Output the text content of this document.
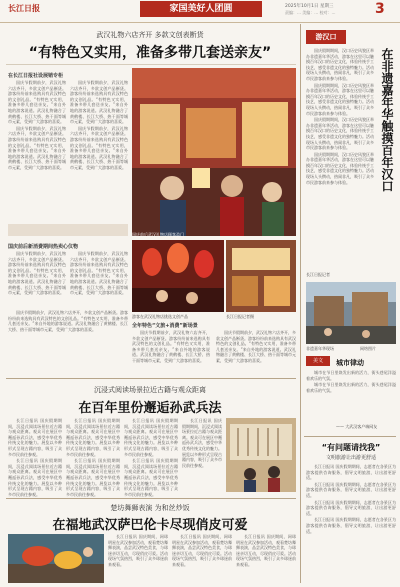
长江日报	家国美好人团圆	2025年10月1日 星期三
责编：… 美编：… 校对：…	3
武汉礼物六店齐开 多款文创表断货
“有特色又实用，准备多带几套送亲友”
在长江日报社设展销专柜

国庆节假期前夕，武汉礼物六店齐开，多款文创产品断货。游客纷纷前来选购具有武汉特色的文创礼品。“有特色又实用，准备多带几套送亲友。”来自外地的游客说道。武汉礼物融合了黄鹤楼、长江大桥、热干面等城市元素，受到广大游客的喜爱。

国庆节假期前夕，武汉礼物六店齐开，多款文创产品断货。游客纷纷前来选购具有武汉特色的文创礼品。“有特色又实用，准备多带几套送亲友。”来自外地的游客说道。武汉礼物融合了黄鹤楼、长江大桥、热干面等城市元素，受到广大游客的喜爱。

国庆节假期前夕，武汉礼物六店齐开，多款文创产品断货。游客纷纷前来选购具有武汉特色的文创礼品。“有特色又实用，准备多带几套送亲友。”来自外地的游客说道。武汉礼物融合了黄鹤楼、长江大桥、热干面等城市元素，受到广大游客的喜爱。

国庆节假期前夕，武汉礼物六店齐开，多款文创产品断货。游客纷纷前来选购具有武汉特色的文创礼品。“有特色又实用，准备多带几套送亲友。”来自外地的游客说道。武汉礼物融合了黄鹤楼、长江大桥、热干面等城市元素，受到广大游客的喜爱。

国庆前后新消费期间热卖心仪物

国庆节假期前夕，武汉礼物六店齐开，多款文创产品断货。游客纷纷前来选购具有武汉特色的文创礼品。“有特色又实用，准备多带几套送亲友。”来自外地的游客说道。武汉礼物融合了黄鹤楼、长江大桥、热干面等城市元素，受到广大游客的喜爱。

国庆节假期前夕，武汉礼物六店齐开，多款文创产品断货。游客纷纷前来选购具有武汉特色的文创礼品。“有特色又实用，准备多带几套送亲友。”来自外地的游客说道。武汉礼物融合了黄鹤楼、长江大桥、热干面等城市元素，受到广大游客的喜爱。

游客在武汉礼物店挑选文创产品	长江日报记者摄
国庆前后武汉礼物店顾客盈门
全年特色“文旅+消费”新场景

国庆节假期前夕，武汉礼物六店齐开，多款文创产品断货。游客纷纷前来选购具有武汉特色的文创礼品。“有特色又实用，准备多带几套送亲友。”来自外地的游客说道。武汉礼物融合了黄鹤楼、长江大桥、热干面等城市元素，受到广大游客的喜爱。

国庆节假期前夕，武汉礼物六店齐开，多款文创产品断货。游客纷纷前来选购具有武汉特色的文创礼品。“有特色又实用，准备多带几套送亲友。”来自外地的游客说道。武汉礼物融合了黄鹤楼、长江大桥、热干面等城市元素，受到广大游客的喜爱。

国庆节假期前夕，武汉礼物六店齐开，多款文创产品断货。游客纷纷前来选购具有武汉特色的文创礼品。“有特色又实用，准备多带几套送亲友。”来自外地的游客说道。武汉礼物融合了黄鹤楼、长江大桥、热干面等城市元素，受到广大游客的喜爱。

沉浸式阅读场景拉近古籍与观众距离
在百年里份邂逅孙武兵法

长江日报讯 国庆假期期间，沉浸式阅读场景拉近古籍与观众距离。观众可在展区中邂逅孙武兵法，感受中华优秀传统文化的魅力。展览以多种形式呈现古籍内容，吸引了众多市民前往参观。

长江日报讯 国庆假期期间，沉浸式阅读场景拉近古籍与观众距离。观众可在展区中邂逅孙武兵法，感受中华优秀传统文化的魅力。展览以多种形式呈现古籍内容，吸引了众多市民前往参观。

长江日报讯 国庆假期期间，沉浸式阅读场景拉近古籍与观众距离。观众可在展区中邂逅孙武兵法，感受中华优秀传统文化的魅力。展览以多种形式呈现古籍内容，吸引了众多市民前往参观。

长江日报讯 国庆假期期间，沉浸式阅读场景拉近古籍与观众距离。观众可在展区中邂逅孙武兵法，感受中华优秀传统文化的魅力。展览以多种形式呈现古籍内容，吸引了众多市民前往参观。

长江日报讯 国庆假期期间，沉浸式阅读场景拉近古籍与观众距离。观众可在展区中邂逅孙武兵法，感受中华优秀传统文化的魅力。展览以多种形式呈现古籍内容，吸引了众多市民前往参观。

长江日报讯 国庆假期期间，沉浸式阅读场景拉近古籍与观众距离。观众可在展区中邂逅孙武兵法，感受中华优秀传统文化的魅力。展览以多种形式呈现古籍内容，吸引了众多市民前往参观。

长江日报讯 国庆假期期间，沉浸式阅读场景拉近古籍与观众距离。观众可在展区中邂逅孙武兵法，感受中华优秀传统文化的魅力。展览以多种形式呈现古籍内容，吸引了众多市民前往参观。

楚坊舞狮表演 为和丝炒饭
在福地武汉萨巴伦卡尽现俏皮可爱

长江日报讯 国庆期间，网球明星在武汉参加活动，观看楚坊舞狮表演，品尝武汉特色美食，与球迷亲切互动，尽现俏皮可爱。活动现场气氛热烈，吸引了众多球迷前来观看。

长江日报讯 国庆期间，网球明星在武汉参加活动，观看楚坊舞狮表演，品尝武汉特色美食，与球迷亲切互动，尽现俏皮可爱。活动现场气氛热烈，吸引了众多球迷前来观看。

长江日报讯 国庆期间，网球明星在武汉参加活动，观看楚坊舞狮表演，品尝武汉特色美食，与球迷亲切互动，尽现俏皮可爱。活动现场气氛热烈，吸引了众多球迷前来观看。

游汉口
在非遗嘉年华触摸百年汉口

国庆假期期间，汉口历史风貌区举办非遗嘉年华活动，游客在这里可以触摸百年汉口的历史文化，体验传统手工技艺，感受非遗文化的独特魅力。活动现场人头攒动，热闹非凡，吸引了众多市民游客前来参与体验。

国庆假期期间，汉口历史风貌区举办非遗嘉年华活动，游客在这里可以触摸百年汉口的历史文化，体验传统手工技艺，感受非遗文化的独特魅力。活动现场人头攒动，热闹非凡，吸引了众多市民游客前来参与体验。

国庆假期期间，汉口历史风貌区举办非遗嘉年华活动，游客在这里可以触摸百年汉口的历史文化，体验传统手工技艺，感受非遗文化的独特魅力。活动现场人头攒动，热闹非凡，吸引了众多市民游客前来参与体验。

国庆假期期间，汉口历史风貌区举办非遗嘉年华活动，游客在这里可以触摸百年汉口的历史文化，体验传统手工技艺，感受非遗文化的独特魅力。活动现场人头攒动，热闹非凡，吸引了众多市民游客前来参与体验。

长江日报记者
非遗嘉年华现场	网络图片
美文	城市律动

城市在节日里焕发出新的活力，街头巷尾洋溢着欢乐的气氛。

城市在节日里焕发出新的活力，街头巷尾洋溢着欢乐的气氛。

—— 大武汉客户端网友
“有问题请找我”
文明旅游让出游更舒适

长江日报讯 国庆假期期间，志愿者在各景区为游客提供咨询服务，倡导文明旅游，让出游更舒适。

长江日报讯 国庆假期期间，志愿者在各景区为游客提供咨询服务，倡导文明旅游，让出游更舒适。

长江日报讯 国庆假期期间，志愿者在各景区为游客提供咨询服务，倡导文明旅游，让出游更舒适。

长江日报讯 国庆假期期间，志愿者在各景区为游客提供咨询服务，倡导文明旅游，让出游更舒适。
